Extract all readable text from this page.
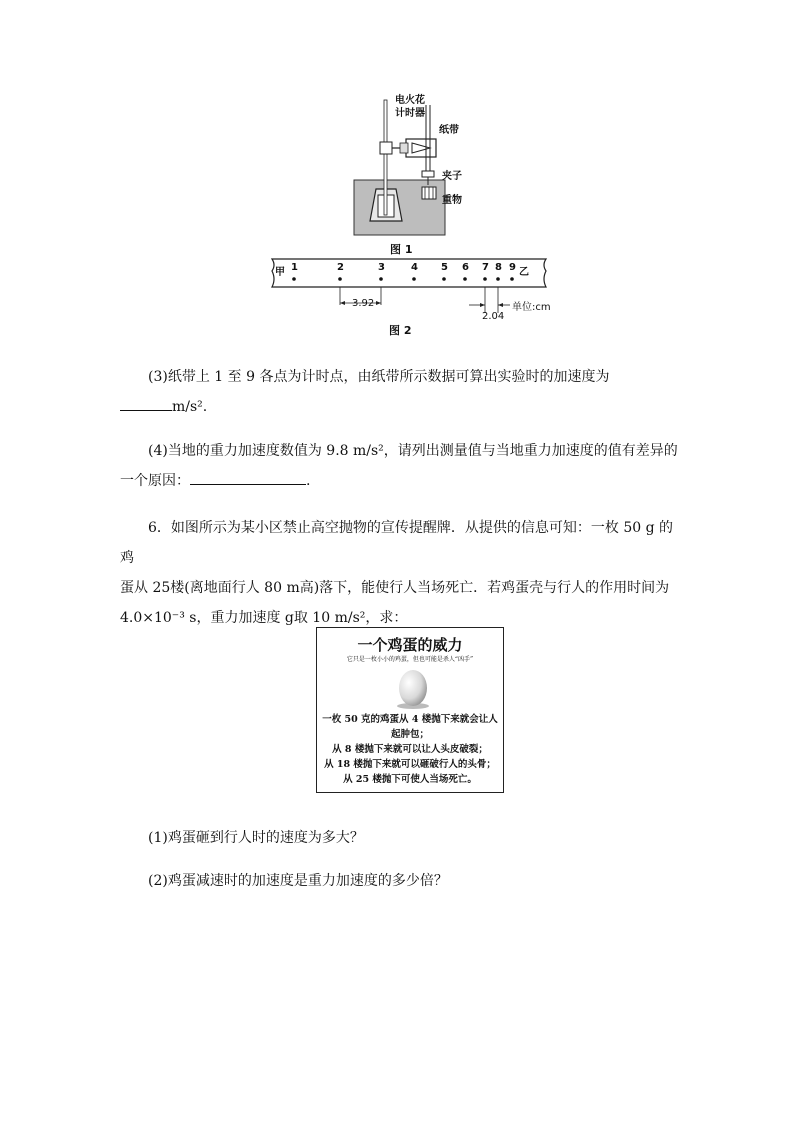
电火花
计时器
纸带
夹子
重物
图 1
甲	乙
1	2	3	4 5 6 7 8 9
3.92
2.04
单位:cm
图 2
(3)纸带上 1 至 9 各点为计时点，由纸带所示数据可算出实验时的加速度为
m/s².
(4)当地的重力加速度数值为 9.8 m/s²，请列出测量值与当地重力加速度的值有差异的
一个原因：	.
6．如图所示为某小区禁止高空抛物的宣传提醒牌．从提供的信息可知：一枚 50 g 的鸡
蛋从 25楼(离地面行人 80 m高)落下，能使行人当场死亡．若鸡蛋壳与行人的作用时间为
4.0×10⁻³ s，重力加速度 g取 10 m/s²，求：
一个鸡蛋的威力
它只是一枚小小的鸡蛋，但也可能是杀人“凶手”
一枚 50 克的鸡蛋从 4 楼抛下来就会让人
起肿包；
从 8 楼抛下来就可以让人头皮破裂；
从 18 楼抛下来就可以砸破行人的头骨；
从 25 楼抛下可使人当场死亡。
(1)鸡蛋砸到行人时的速度为多大？
(2)鸡蛋减速时的加速度是重力加速度的多少倍？
